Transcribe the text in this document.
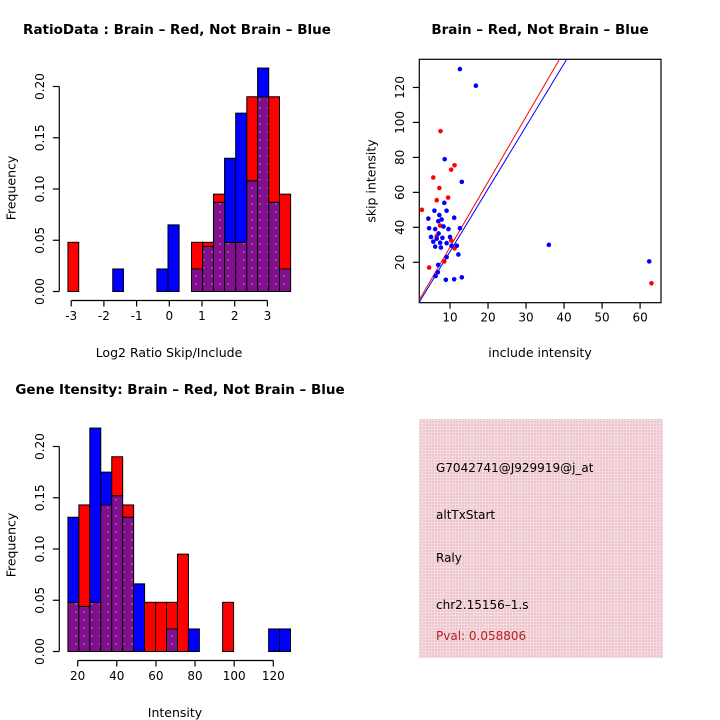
RatioData : Brain – Red, Not Brain – Blue
Frequency
Log2 Ratio Skip/Include
0.00
0.05
0.10
0.15
0.20
-3 -2 -1 0 1 2 3
Brain – Red, Not Brain – Blue
skip intensity
include intensity
10 20 30 40 50 60
20
40
60
80
100
120
Gene Itensity: Brain – Red, Not Brain – Blue
Frequency
Intensity
0.00
0.05
0.10
0.15
0.20
20 40 60 80 100 120
G7042741@J929919@j_at
altTxStart
Raly
chr2.15156–1.s
Pval: 0.058806
